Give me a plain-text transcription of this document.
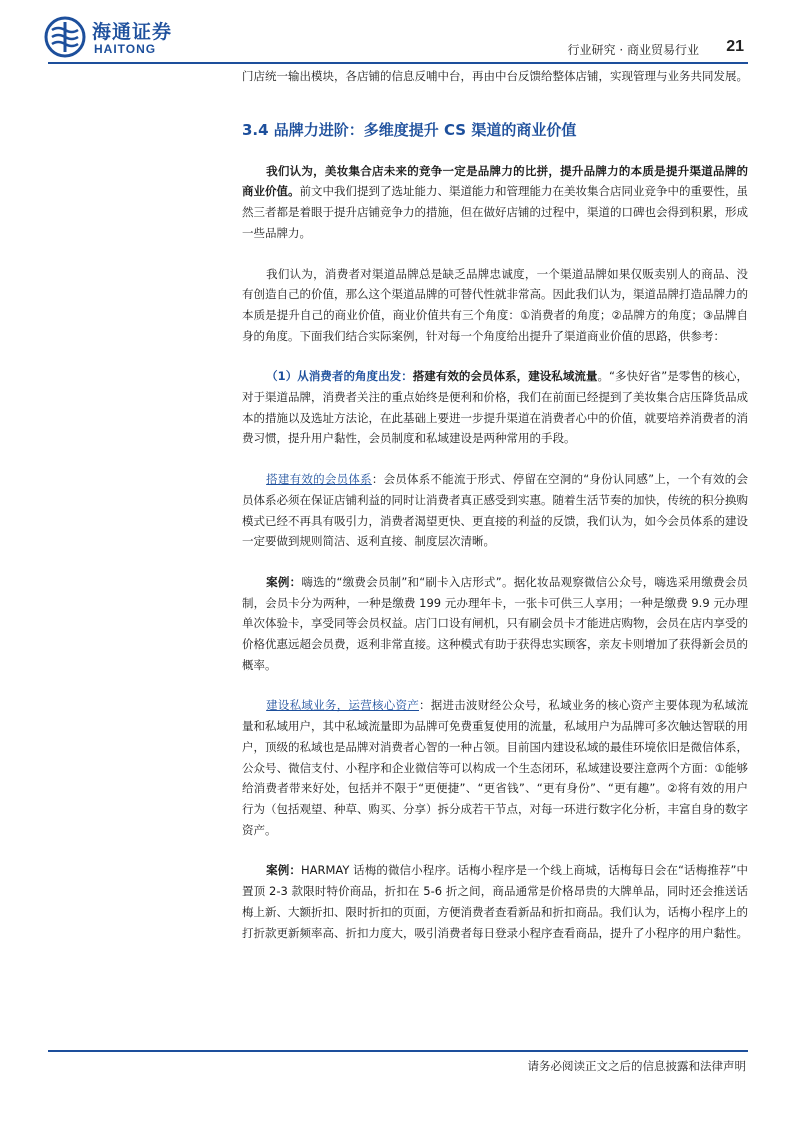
海通证券
HAITONG	行业研究 · 商业贸易行业 21

门店统一输出模块，各店铺的信息反哺中台，再由中台反馈给整体店铺，实现管理与业务共同发展。

3.4 品牌力进阶：多维度提升 CS 渠道的商业价值

我们认为，美妆集合店未来的竞争一定是品牌力的比拼，提升品牌力的本质是提升渠道品牌的商业价值。前文中我们提到了选址能力、渠道能力和管理能力在美妆集合店同业竞争中的重要性，虽然三者都是着眼于提升店铺竞争力的措施，但在做好店铺的过程中，渠道的口碑也会得到积累，形成一些品牌力。

我们认为，消费者对渠道品牌总是缺乏品牌忠诚度，一个渠道品牌如果仅贩卖别人的商品、没有创造自己的价值，那么这个渠道品牌的可替代性就非常高。因此我们认为，渠道品牌打造品牌力的本质是提升自己的商业价值，商业价值共有三个角度：①消费者的角度；②品牌方的角度；③品牌自身的角度。下面我们结合实际案例，针对每一个角度给出提升了渠道商业价值的思路，供参考：

（1）从消费者的角度出发：搭建有效的会员体系，建设私域流量。“多快好省”是零售的核心，对于渠道品牌，消费者关注的重点始终是便利和价格，我们在前面已经提到了美妆集合店压降货品成本的措施以及选址方法论，在此基础上要进一步提升渠道在消费者心中的价值，就要培养消费者的消费习惯，提升用户黏性，会员制度和私域建设是两种常用的手段。

搭建有效的会员体系：会员体系不能流于形式、停留在空洞的“身份认同感”上，一个有效的会员体系必须在保证店铺利益的同时让消费者真正感受到实惠。随着生活节奏的加快，传统的积分换购模式已经不再具有吸引力，消费者渴望更快、更直接的利益的反馈，我们认为，如今会员体系的建设一定要做到规则简洁、返利直接、制度层次清晰。

案例：嗨选的“缴费会员制”和“刷卡入店形式”。据化妆品观察微信公众号，嗨选采用缴费会员制，会员卡分为两种，一种是缴费 199 元办理年卡，一张卡可供三人享用；一种是缴费 9.9 元办理单次体验卡，享受同等会员权益。店门口设有闸机，只有刷会员卡才能进店购物，会员在店内享受的价格优惠远超会员费，返利非常直接。这种模式有助于获得忠实顾客，亲友卡则增加了获得新会员的概率。

建设私域业务，运营核心资产：据进击波财经公众号，私域业务的核心资产主要体现为私域流量和私域用户，其中私域流量即为品牌可免费重复使用的流量，私域用户为品牌可多次触达智联的用户，顶级的私域也是品牌对消费者心智的一种占领。目前国内建设私域的最佳环境依旧是微信体系，公众号、微信支付、小程序和企业微信等可以构成一个生态闭环，私域建设要注意两个方面：①能够给消费者带来好处，包括并不限于“更便捷”、“更省钱”、“更有身份”、“更有趣”。②将有效的用户行为（包括观望、种草、购买、分享）拆分成若干节点，对每一环进行数字化分析，丰富自身的数字资产。

案例：HARMAY 话梅的微信小程序。话梅小程序是一个线上商城，话梅每日会在“话梅推荐”中置顶 2-3 款限时特价商品，折扣在 5-6 折之间，商品通常是价格昂贵的大牌单品，同时还会推送话梅上新、大额折扣、限时折扣的页面，方便消费者查看新品和折扣商品。我们认为，话梅小程序上的打折款更新频率高、折扣力度大，吸引消费者每日登录小程序查看商品，提升了小程序的用户黏性。

请务必阅读正文之后的信息披露和法律声明
